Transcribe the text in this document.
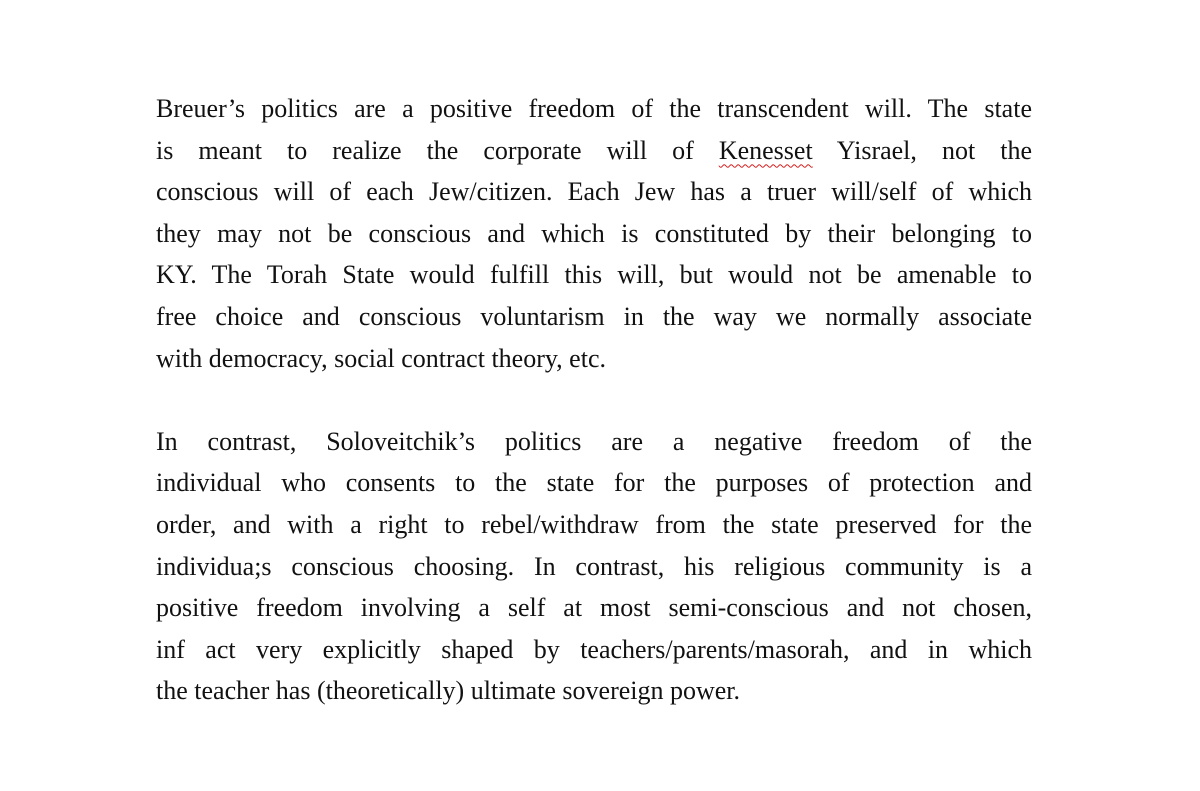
Breuer’s politics are a positive freedom of the transcendent will. The state
is meant to realize the corporate will of Kenesset Yisrael, not the
conscious will of each Jew/citizen. Each Jew has a truer will/self of which
they may not be conscious and which is constituted by their belonging to
KY. The Torah State would fulfill this will, but would not be amenable to
free choice and conscious voluntarism in the way we normally associate
with democracy, social contract theory, etc.

In contrast, Soloveitchik’s politics are a negative freedom of the
individual who consents to the state for the purposes of protection and
order, and with a right to rebel/withdraw from the state preserved for the
individua;s conscious choosing. In contrast, his religious community is a
positive freedom involving a self at most semi-conscious and not chosen,
inf act very explicitly shaped by teachers/parents/masorah, and in which
the teacher has (theoretically) ultimate sovereign power.
